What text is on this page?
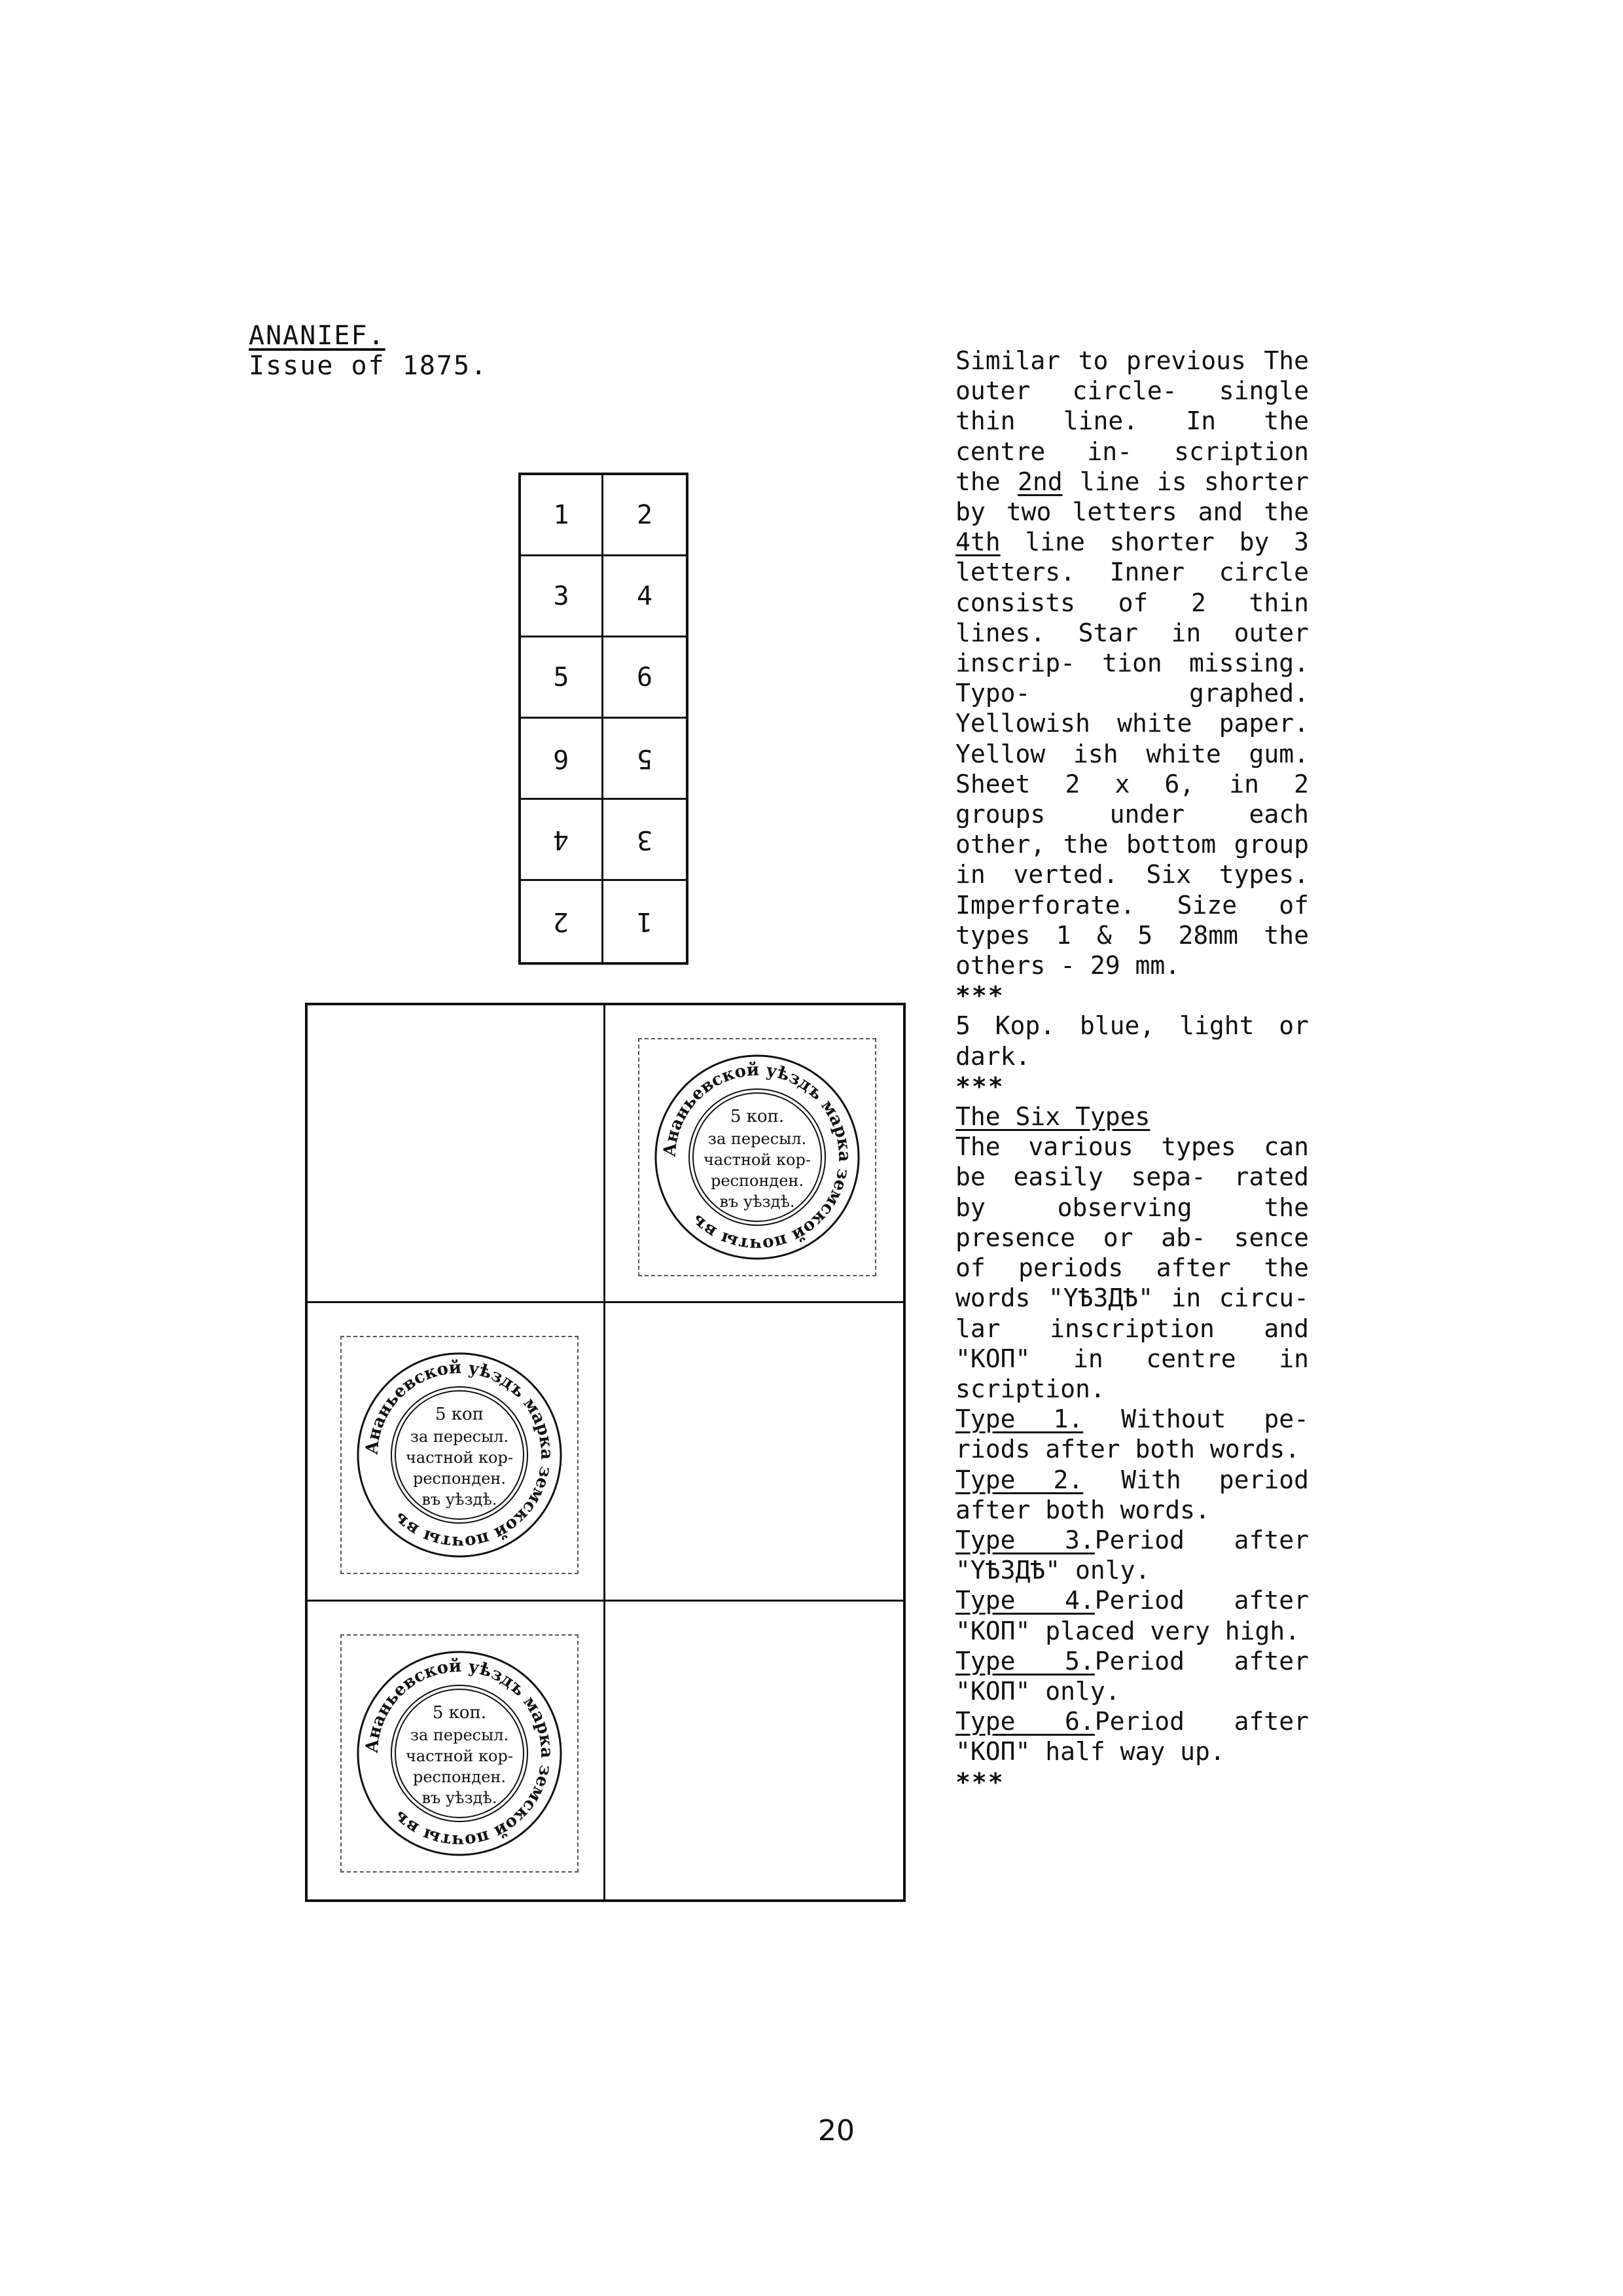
ANANIEF.
Issue of 1875.
1	2
3	4
5	6
6	5
4	3
2	1
Ананьевской уѣздъ марка земской почты въ
5 коп.
за пересыл.
частной кор-
респонден.
въ уѣздѣ.
Ананьевской уѣздъ марка земской почты въ
5 коп
за пересыл.
частной кор-
респонден.
въ уѣздѣ.
Ананьевской уѣздъ марка земской почты въ
5 коп.
за пересыл.
частной кор-
респонден.
въ уѣздѣ.

Similar to previous The outer circle- single thin line. In the centre in- scription the 2nd line is shorter by two letters and the 4th line shorter by 3 letters. Inner circle consists of 2 thin lines. Star in outer inscrip- tion missing. Typo- graphed. Yellowish white paper. Yellow ish white gum. Sheet 2 x 6, in 2 groups under each other, the bottom group in verted. Six types. Imperforate. Size of types 1 & 5 28mm the others - 29 mm.

***

5 Kop. blue, light or dark.

***

The Six Types

The various types can be easily sepa- rated by observing the presence or ab- sence of periods after the words "YѢЗДѢ" in circu- lar inscription and "KOП" in centre in scription.

Type 1. Without pe- riods after both words.

Type 2. With period after both words.

Type 3.Period after "YѢЗДѢ" only.

Type 4.Period after "KOП" placed very high.

Type 5.Period after "KOП" only.

Type 6.Period after "KOП" half way up.

***

20
